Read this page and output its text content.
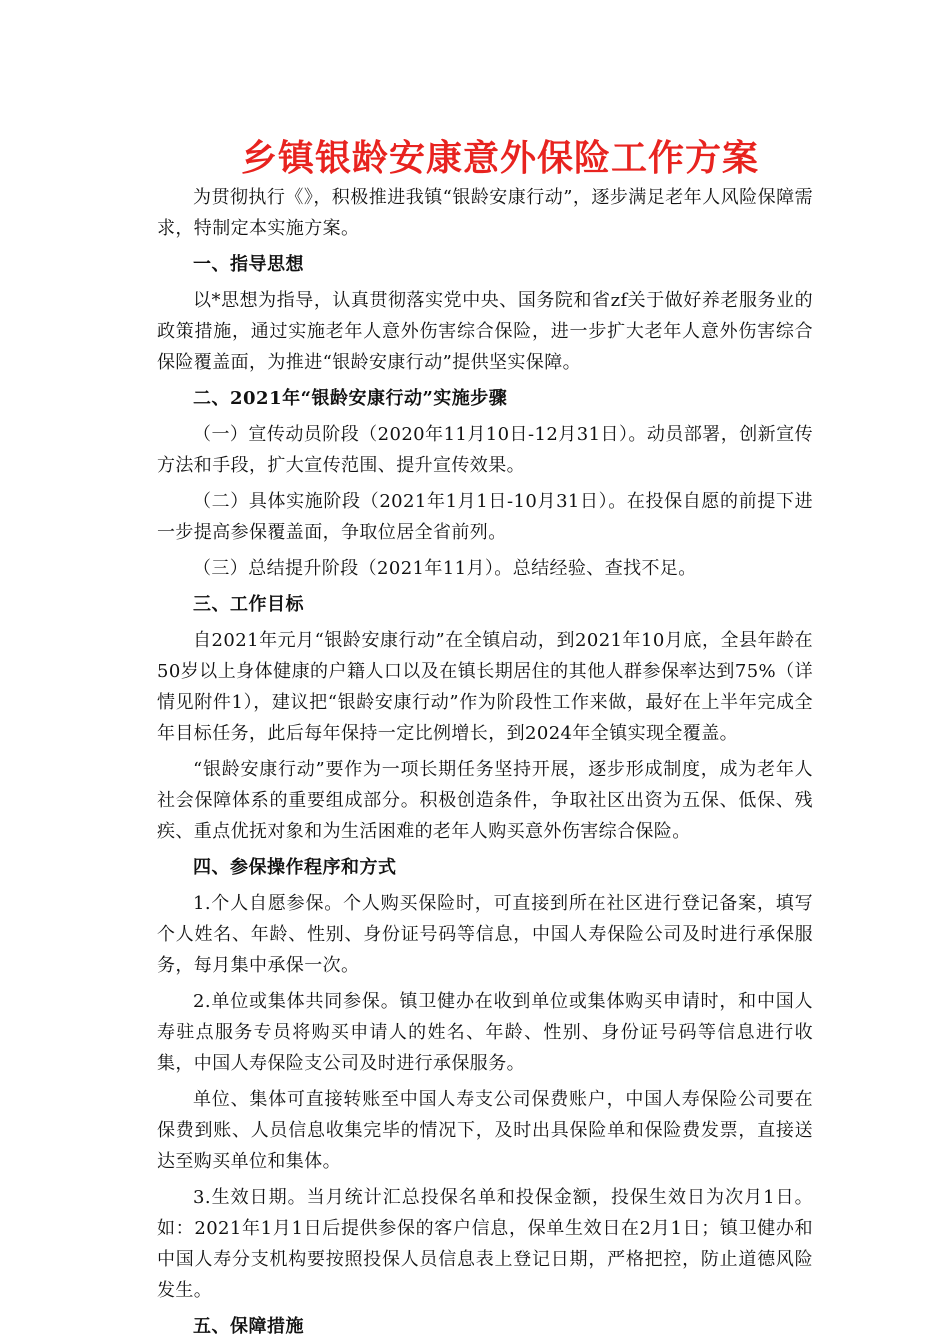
乡镇银龄安康意外保险工作方案

为贯彻执行《》，积极推进我镇“银龄安康行动”，逐步满足老年人风险保障需求，特制定本实施方案。

一、指导思想

以*思想为指导，认真贯彻落实党中央、国务院和省zf关于做好养老服务业的政策措施，通过实施老年人意外伤害综合保险，进一步扩大老年人意外伤害综合保险覆盖面，为推进“银龄安康行动”提供坚实保障。

二、2021年“银龄安康行动”实施步骤

（一）宣传动员阶段（2020年11月10日-12月31日）。动员部署，创新宣传方法和手段，扩大宣传范围、提升宣传效果。

（二）具体实施阶段（2021年1月1日-10月31日）。在投保自愿的前提下进一步提高参保覆盖面，争取位居全省前列。

（三）总结提升阶段（2021年11月）。总结经验、查找不足。

三、工作目标

自2021年元月“银龄安康行动”在全镇启动，到2021年10月底，全县年龄在50岁以上身体健康的户籍人口以及在镇长期居住的其他人群参保率达到75%（详情见附件1），建议把“银龄安康行动”作为阶段性工作来做，最好在上半年完成全年目标任务，此后每年保持一定比例增长，到2024年全镇实现全覆盖。

“银龄安康行动”要作为一项长期任务坚持开展，逐步形成制度，成为老年人社会保障体系的重要组成部分。积极创造条件，争取社区出资为五保、低保、残疾、重点优抚对象和为生活困难的老年人购买意外伤害综合保险。

四、参保操作程序和方式

1.个人自愿参保。个人购买保险时，可直接到所在社区进行登记备案，填写个人姓名、年龄、性别、身份证号码等信息，中国人寿保险公司及时进行承保服务，每月集中承保一次。

2.单位或集体共同参保。镇卫健办在收到单位或集体购买申请时，和中国人寿驻点服务专员将购买申请人的姓名、年龄、性别、身份证号码等信息进行收集，中国人寿保险支公司及时进行承保服务。

单位、集体可直接转账至中国人寿支公司保费账户，中国人寿保险公司要在保费到账、人员信息收集完毕的情况下，及时出具保险单和保险费发票，直接送达至购买单位和集体。

3.生效日期。当月统计汇总投保名单和投保金额，投保生效日为次月1日。如：2021年1月1日后提供参保的客户信息，保单生效日在2月1日；镇卫健办和中国人寿分支机构要按照投保人员信息表上登记日期，严格把控，防止道德风险发生。

五、保障措施
